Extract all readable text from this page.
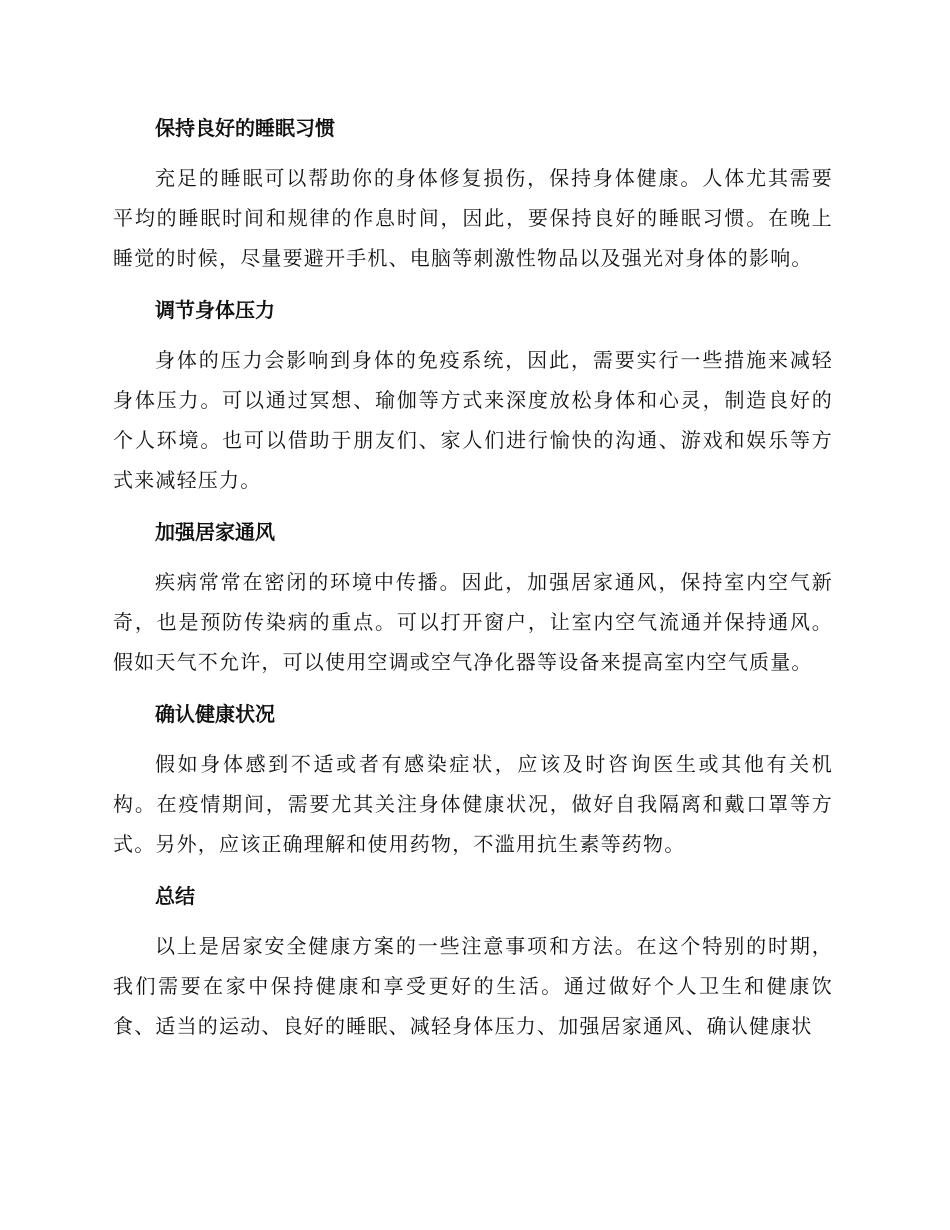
保持良好的睡眠习惯

充足的睡眠可以帮助你的身体修复损伤，保持身体健康。人体尤其需要平均的睡眠时间和规律的作息时间，因此，要保持良好的睡眠习惯。在晚上睡觉的时候，尽量要避开手机、电脑等刺激性物品以及强光对身体的影响。

调节身体压力

身体的压力会影响到身体的免疫系统，因此，需要实行一些措施来减轻身体压力。可以通过冥想、瑜伽等方式来深度放松身体和心灵，制造良好的个人环境。也可以借助于朋友们、家人们进行愉快的沟通、游戏和娱乐等方式来减轻压力。

加强居家通风

疾病常常在密闭的环境中传播。因此，加强居家通风，保持室内空气新奇，也是预防传染病的重点。可以打开窗户，让室内空气流通并保持通风。假如天气不允许，可以使用空调或空气净化器等设备来提高室内空气质量。

确认健康状况

假如身体感到不适或者有感染症状，应该及时咨询医生或其他有关机构。在疫情期间，需要尤其关注身体健康状况，做好自我隔离和戴口罩等方式。另外，应该正确理解和使用药物，不滥用抗生素等药物。

总结

以上是居家安全健康方案的一些注意事项和方法。在这个特别的时期，我们需要在家中保持健康和享受更好的生活。通过做好个人卫生和健康饮食、适当的运动、良好的睡眠、减轻身体压力、加强居家通风、确认健康状
